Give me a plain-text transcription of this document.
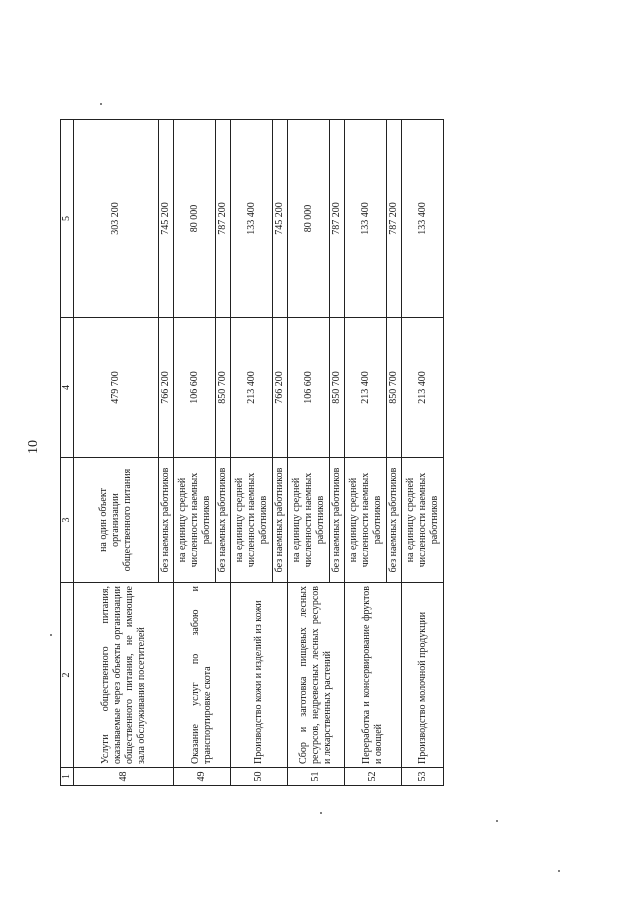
10
1	2	3	4	5
48	Услуги общественного питания, оказываемые через объекты организации общественного питания, не имеющие зала обслуживания посетителей	на один объект организации общественного питания	479 700	303 200
		без наемных работников	766 200	745 200
49	Оказание услуг по забою и транспортировке скота	на единицу средней численности наемных работников	106 600	80 000
		без наемных работников	850 700	787 200
50	Производство кожи и изделий из кожи	на единицу средней численности наемных работников	213 400	133 400
		без наемных работников	766 200	745 200
51	Сбор и заготовка пищевых лесных ресурсов, недревесных лесных ресурсов и лекарственных растений	на единицу средней численности наемных работников	106 600	80 000
		без наемных работников	850 700	787 200
52	Переработка и консервирование фруктов и овощей	на единицу средней численности наемных работников	213 400	133 400
		без наемных работников	850 700	787 200
53	Производство молочной продукции	на единицу средней численности наемных работников	213 400	133 400
